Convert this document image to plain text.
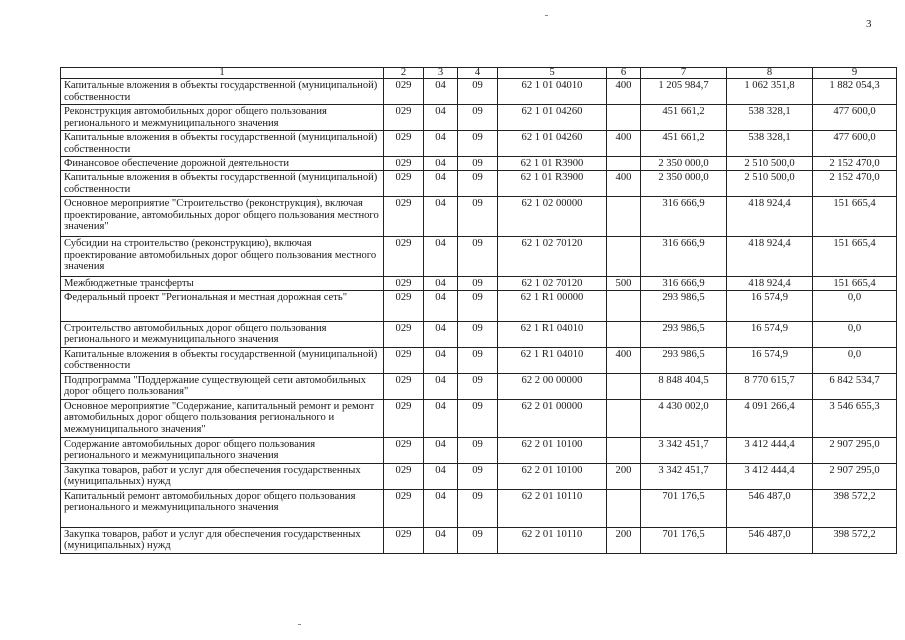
3
1	2	3	4	5	6	7	8	9
Капитальные вложения в объекты государственной (муниципальной) собственности	029	04	09	62 1 01 04010	400	1 205 984,7	1 062 351,8	1 882 054,3
Реконструкция автомобильных дорог общего пользования регионального и межмуниципального значения	029	04	09	62 1 01 04260		451 661,2	538 328,1	477 600,0
Капитальные вложения в объекты государственной (муниципальной) собственности	029	04	09	62 1 01 04260	400	451 661,2	538 328,1	477 600,0
Финансовое обеспечение дорожной деятельности	029	04	09	62 1 01 R3900		2 350 000,0	2 510 500,0	2 152 470,0
Капитальные вложения в объекты государственной (муниципальной) собственности	029	04	09	62 1 01 R3900	400	2 350 000,0	2 510 500,0	2 152 470,0
Основное мероприятие "Строительство (реконструкция), включая проектирование, автомобильных дорог общего пользования местного значения"	029	04	09	62 1 02 00000		316 666,9	418 924,4	151 665,4
Субсидии на строительство (реконструкцию), включая проектирование автомобильных дорог общего пользования местного значения	029	04	09	62 1 02 70120		316 666,9	418 924,4	151 665,4
Межбюджетные трансферты	029	04	09	62 1 02 70120	500	316 666,9	418 924,4	151 665,4
Федеральный проект "Региональная и местная дорожная сеть"	029	04	09	62 1 R1 00000		293 986,5	16 574,9	0,0
Строительство автомобильных дорог общего пользования регионального и межмуниципального значения	029	04	09	62 1 R1 04010		293 986,5	16 574,9	0,0
Капитальные вложения в объекты государственной (муниципальной) собственности	029	04	09	62 1 R1 04010	400	293 986,5	16 574,9	0,0
Подпрограмма "Поддержание существующей сети автомобильных дорог общего пользования"	029	04	09	62 2 00 00000		8 848 404,5	8 770 615,7	6 842 534,7
Основное мероприятие "Содержание, капитальный ремонт и ремонт автомобильных дорог общего пользования регионального и межмуниципального значения"	029	04	09	62 2 01 00000		4 430 002,0	4 091 266,4	3 546 655,3
Содержание автомобильных дорог общего пользования регионального и межмуниципального значения	029	04	09	62 2 01 10100		3 342 451,7	3 412 444,4	2 907 295,0
Закупка товаров, работ и услуг для обеспечения государственных (муниципальных) нужд	029	04	09	62 2 01 10100	200	3 342 451,7	3 412 444,4	2 907 295,0
Капитальный ремонт автомобильных дорог общего пользования регионального и межмуниципального значения	029	04	09	62 2 01 10110		701 176,5	546 487,0	398 572,2
Закупка товаров, работ и услуг для обеспечения государственных (муниципальных) нужд	029	04	09	62 2 01 10110	200	701 176,5	546 487,0	398 572,2
